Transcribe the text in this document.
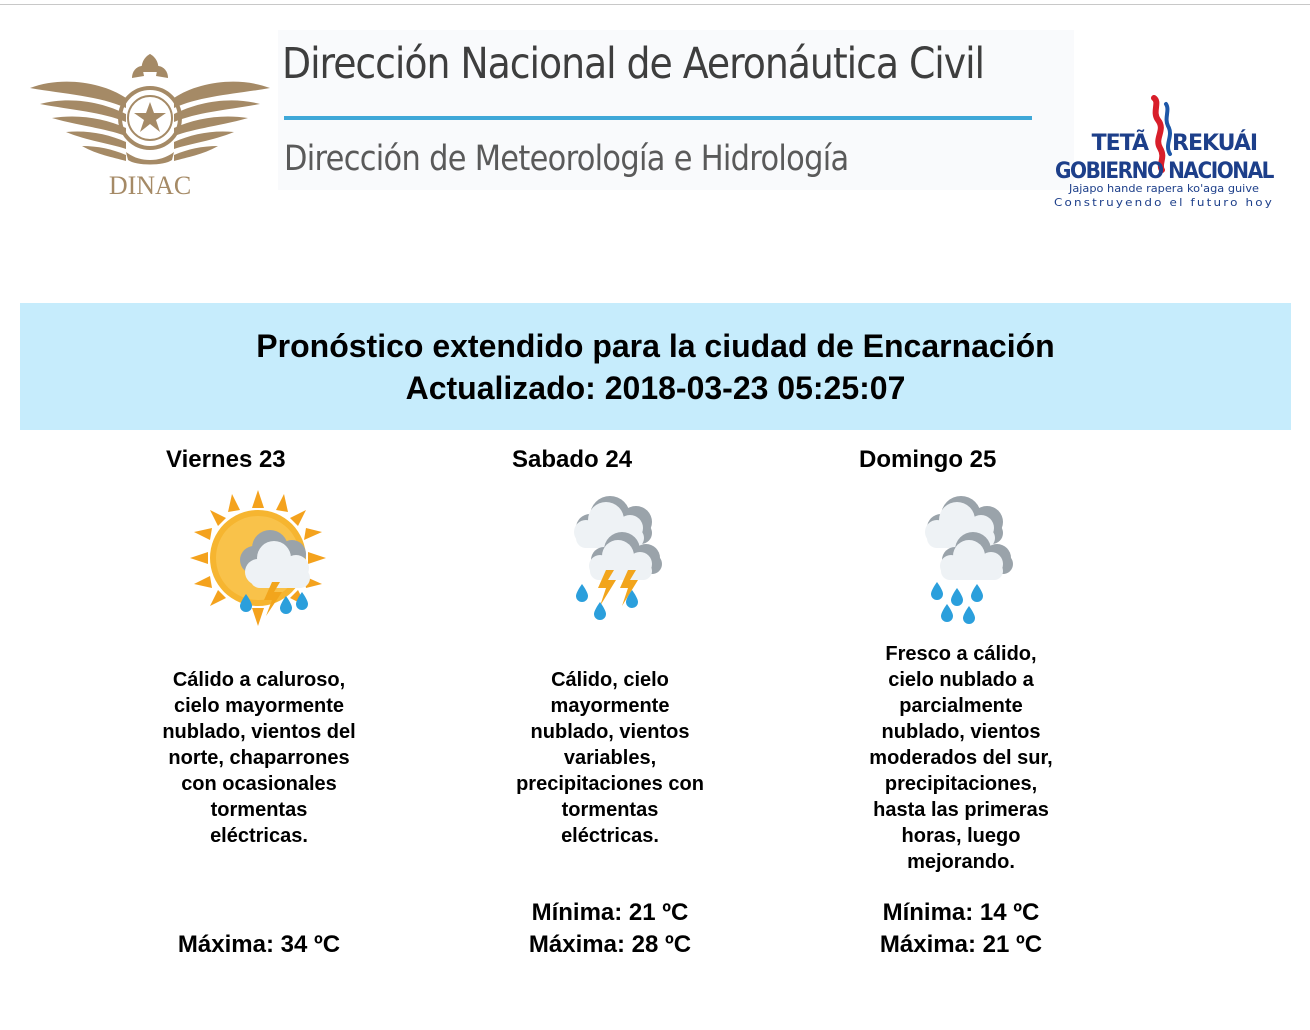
DINAC
Dirección Nacional de Aeronáutica Civil
Dirección de Meteorología e Hidrología	TETÃ REKUÁI
GOBIERNO NACIONAL
Jajapo hande rapera ko'aga guive
Construyendo el futuro hoy
Pronóstico extendido para la ciudad de Encarnación

Actualizado: 2018-03-23 05:25:07

Viernes 23
Cálido a caluroso, cielo mayormente nublado, vientos del norte, chaparrones con ocasionales tormentas eléctricas.
Máxima: 34 ºC
Sabado 24
Cálido, cielo mayormente nublado, vientos variables, precipitaciones con tormentas eléctricas.
Mínima: 21 ºC
Máxima: 28 ºC
Domingo 25
Fresco a cálido, cielo nublado a parcialmente nublado, vientos moderados del sur, precipitaciones, hasta las primeras horas, luego mejorando.
Mínima: 14 ºC
Máxima: 21 ºC
